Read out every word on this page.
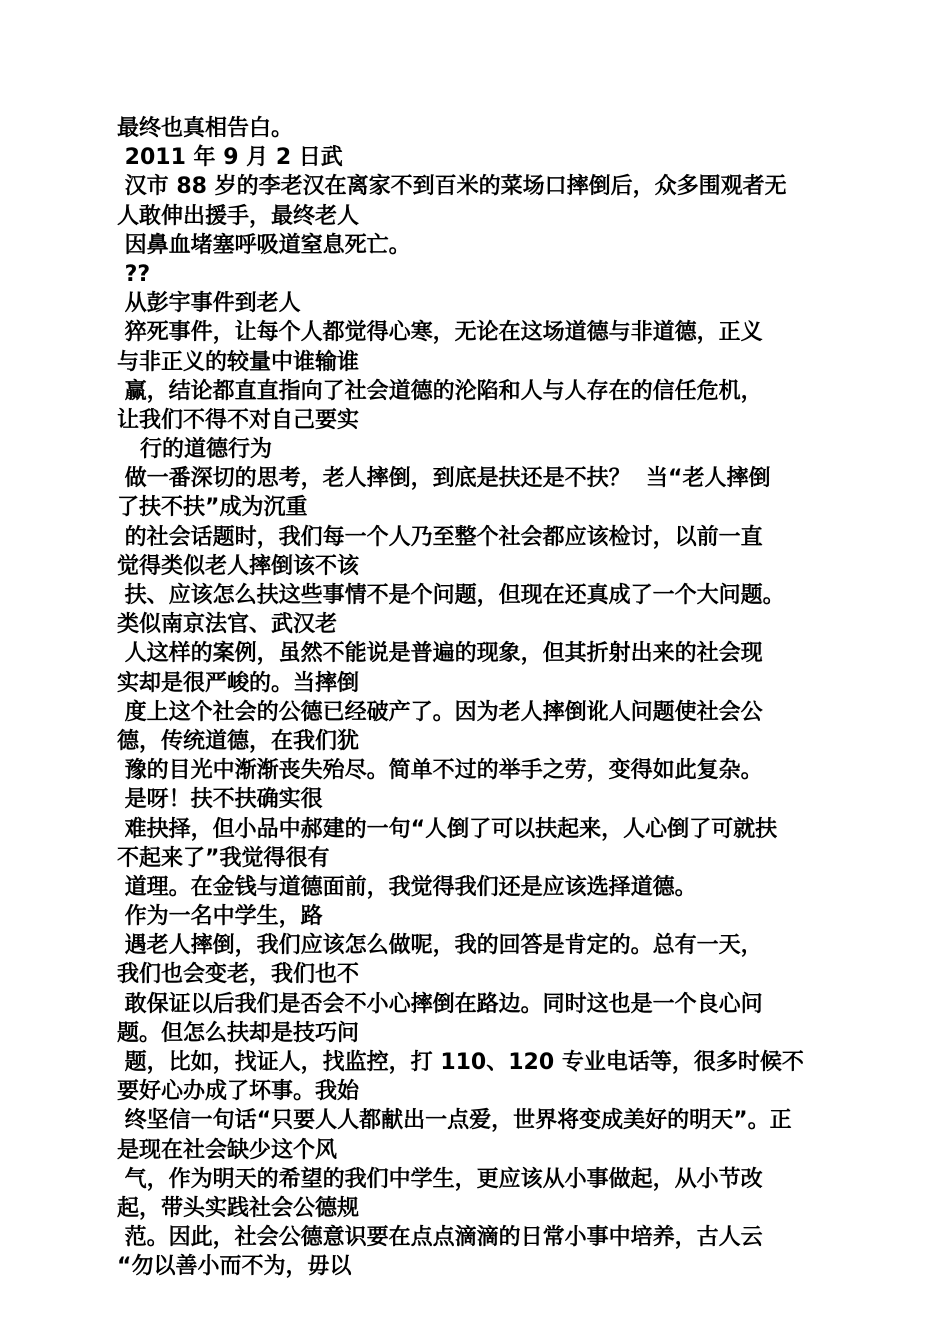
最终也真相告白。
2011 年 9 月 2 日武
汉市 88 岁的李老汉在离家不到百米的菜场口摔倒后，众多围观者无
人敢伸出援手，最终老人
因鼻血堵塞呼吸道窒息死亡。
??
从彭宇事件到老人
猝死事件，让每个人都觉得心寒，无论在这场道德与非道德，正义
与非正义的较量中谁输谁
赢，结论都直直指向了社会道德的沦陷和人与人存在的信任危机，
让我们不得不对自己要实
行的道德行为
做一番深切的思考，老人摔倒，到底是扶还是不扶？  当“老人摔倒
了扶不扶”成为沉重
的社会话题时，我们每一个人乃至整个社会都应该检讨，以前一直
觉得类似老人摔倒该不该
扶、应该怎么扶这些事情不是个问题，但现在还真成了一个大问题。
类似南京法官、武汉老
人这样的案例，虽然不能说是普遍的现象，但其折射出来的社会现
实却是很严峻的。当摔倒
度上这个社会的公德已经破产了。因为老人摔倒讹人问题使社会公
德，传统道德，在我们犹
豫的目光中渐渐丧失殆尽。简单不过的举手之劳，变得如此复杂。
是呀！扶不扶确实很
难抉择，但小品中郝建的一句“人倒了可以扶起来，人心倒了可就扶
不起来了”我觉得很有
道理。在金钱与道德面前，我觉得我们还是应该选择道德。
作为一名中学生，路
遇老人摔倒，我们应该怎么做呢，我的回答是肯定的。总有一天，
我们也会变老，我们也不
敢保证以后我们是否会不小心摔倒在路边。同时这也是一个良心问
题。但怎么扶却是技巧问
题，比如，找证人，找监控，打 110、120 专业电话等，很多时候不
要好心办成了坏事。我始
终坚信一句话“只要人人都献出一点爱，世界将变成美好的明天”。正
是现在社会缺少这个风
气，作为明天的希望的我们中学生，更应该从小事做起，从小节改
起，带头实践社会公德规
范。因此，社会公德意识要在点点滴滴的日常小事中培养，古人云
“勿以善小而不为，毋以
